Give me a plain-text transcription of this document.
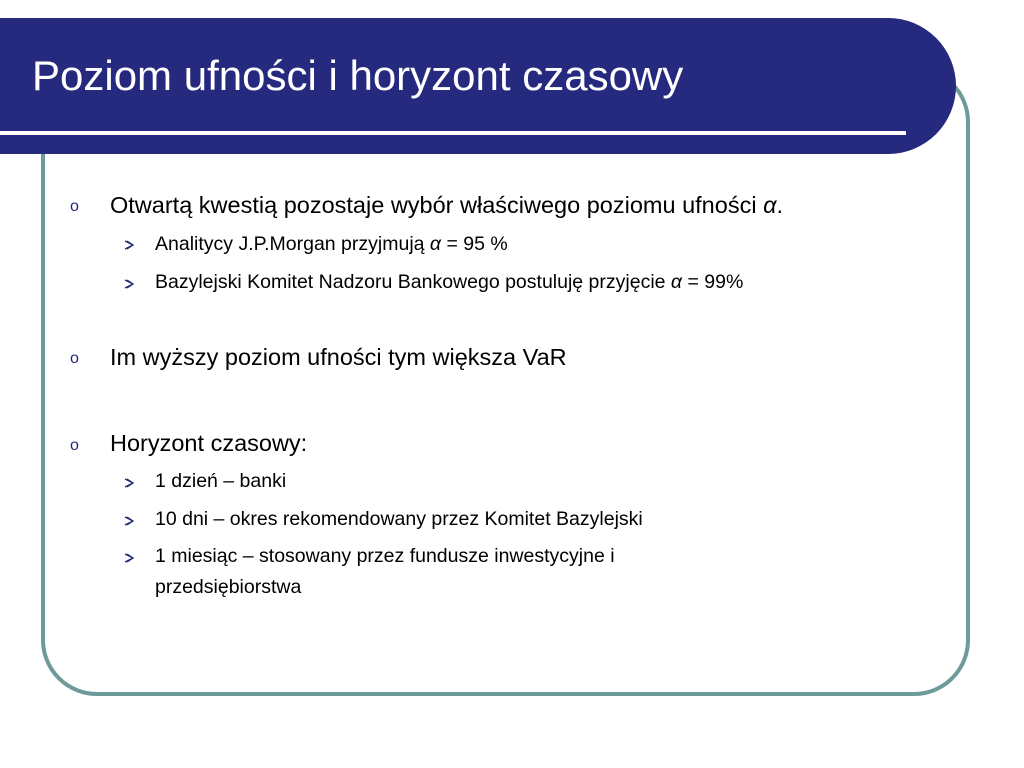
Poziom ufności i horyzont czasowy
o Otwartą kwestią pozostaje wybór właściwego poziomu ufności α.
Analitycy J.P.Morgan przyjmują α = 95 %
Bazylejski Komitet Nadzoru Bankowego postuluję przyjęcie α = 99%
o Im wyższy poziom ufności tym większa VaR
o Horyzont czasowy:
1 dzień – banki
10 dni – okres rekomendowany przez Komitet Bazylejski
1 miesiąc – stosowany przez fundusze inwestycyjne i
przedsiębiorstwa
